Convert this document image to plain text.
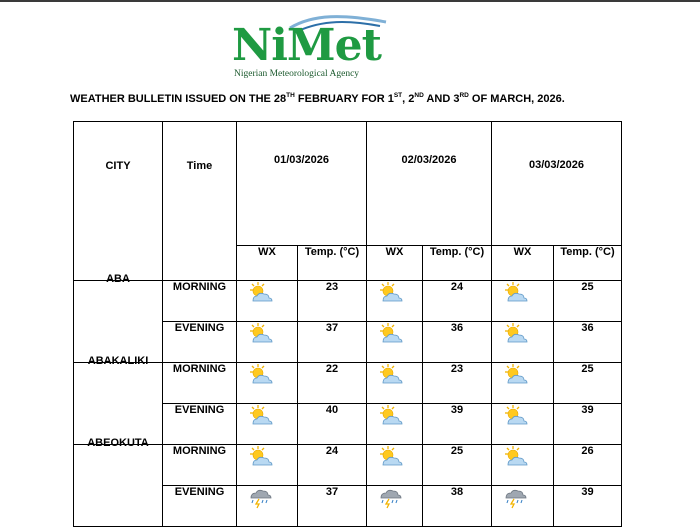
NiMet
Nigerian Meteorological Agency
WEATHER BULLETIN ISSUED ON THE 28TH FEBRUARY FOR 1ST, 2ND AND 3RD OF MARCH, 2026.
CITY	Time	01/03/2026		02/03/2026		03/03/2026	
		WX	Temp. (°C)	WX	Temp. (°C)	WX	Temp. (°C)
ABA	MORNING		23		24		25
	EVENING		37		36		36
ABAKALIKI	MORNING		22		23		25
	EVENING		40		39		39
ABEOKUTA	MORNING		24		25		26
	EVENING		37		38		39
